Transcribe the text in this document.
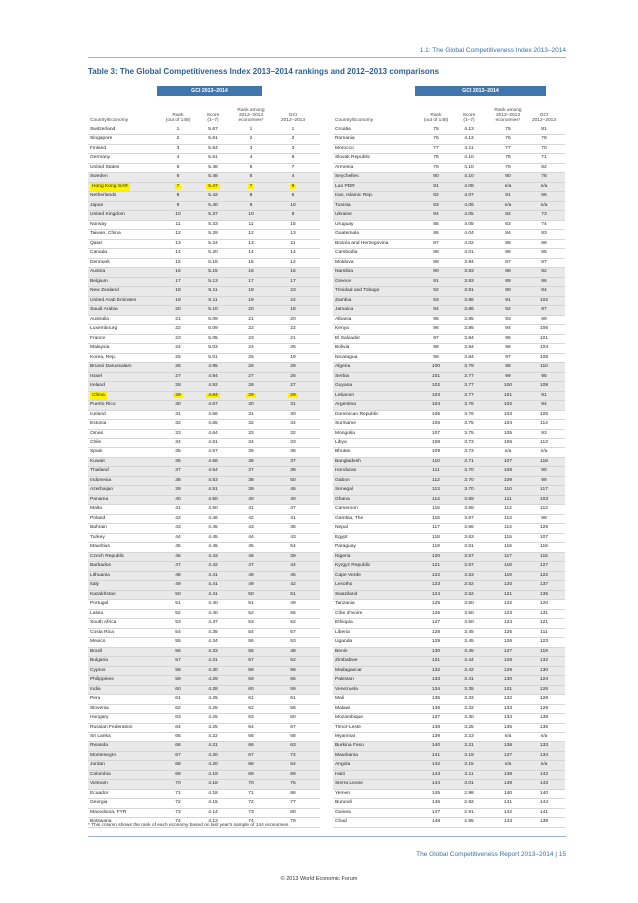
1.1: The Global Competitiveness Index 2013–2014
Table 3: The Global Competitiveness Index 2013–2014 rankings and 2012–2013 comparisons
GCI 2013–2014
Country/Economy
Rank
(out of 148)
Score
(1–7)
Rank among
2012–2013
economies*
GCI
2012–2013
Switzerland	1	5.67	1	1
Singapore	2	5.61	2	2
Finland	3	5.54	3	3
Germany	4	5.51	4	6
United States	5	5.48	5	7
Sweden	6	5.48	6	4
Hong Kong SAR	7	5.47	7	9
Netherlands	8	5.42	8	5
Japan	9	5.40	9	10
United Kingdom	10	5.37	10	8
Norway	11	5.33	11	15
Taiwan, China	12	5.29	12	13
Qatar	13	5.24	13	11
Canada	14	5.20	14	14
Denmark	15	5.18	15	12
Austria	16	5.15	16	16
Belgium	17	5.13	17	17
New Zealand	18	5.11	18	23
United Arab Emirates	19	5.11	19	24
Saudi Arabia	20	5.10	20	18
Australia	21	5.09	21	20
Luxembourg	22	5.09	22	22
France	23	5.05	23	21
Malaysia	24	5.03	24	25
Korea, Rep.	25	5.01	25	19
Brunei Darussalam	26	4.95	26	28
Israel	27	4.94	27	26
Ireland	28	4.92	28	27
China	29	4.84	29	29
Puerto Rico	30	4.67	30	31
Iceland	31	4.66	31	30
Estonia	32	4.65	32	34
Oman	33	4.64	33	32
Chile	34	4.61	34	33
Spain	35	4.57	35	36
Kuwait	36	4.56	36	37
Thailand	37	4.54	37	38
Indonesia	38	4.53	38	50
Azerbaijan	39	4.51	39	46
Panama	40	4.50	40	40
Malta	41	4.50	41	47
Poland	42	4.46	42	41
Bahrain	43	4.45	43	35
Turkey	44	4.45	44	43
Mauritius	45	4.45	45	54
Czech Republic	46	4.43	46	39
Barbados	47	4.42	47	44
Lithuania	48	4.41	48	45
Italy	49	4.41	49	42
Kazakhstan	50	4.41	50	51
Portugal	51	4.40	51	49
Latvia	52	4.40	52	55
South Africa	53	4.37	53	52
Costa Rica	54	4.35	54	57
Mexico	55	4.34	55	53
Brazil	56	4.33	56	48
Bulgaria	57	4.31	57	62
Cyprus	58	4.30	58	58
Philippines	59	4.29	59	65
India	60	4.28	60	59
Peru	61	4.25	61	61
Slovenia	62	4.25	62	56
Hungary	63	4.25	63	60
Russian Federation	64	4.25	64	67
Sri Lanka	65	4.22	65	68
Rwanda	66	4.21	66	63
Montenegro	67	4.20	67	72
Jordan	68	4.20	68	64
Colombia	69	4.19	69	69
Vietnam	70	4.18	70	75
Ecuador	71	4.18	71	86
Georgia	72	4.15	72	77
Macedonia, FYR	73	4.14	73	80
Botswana	74	4.13	74	79
GCI 2013–2014
Country/Economy
Rank
(out of 148)
Score
(1–7)
Rank among
2012–2013
economies*
GCI
2012–2013
Croatia	75	4.13	75	81
Romania	76	4.13	76	78
Morocco	77	4.11	77	70
Slovak Republic	78	4.10	78	71
Armenia	79	4.10	79	82
Seychelles	80	4.10	80	76
Lao PDR	81	4.08	n/a	n/a
Iran, Islamic Rep.	82	4.07	81	66
Tunisia	83	4.06	n/a	n/a
Ukraine	84	4.05	82	73
Uruguay	85	4.05	83	74
Guatemala	86	4.04	84	83
Bosnia and Herzegovina	87	4.02	85	88
Cambodia	88	4.01	86	85
Moldova	89	3.94	87	87
Namibia	90	3.93	88	92
Greece	91	3.93	89	96
Trinidad and Tobago	92	3.91	90	84
Zambia	93	3.86	91	102
Jamaica	94	3.86	92	97
Albania	95	3.85	93	89
Kenya	96	3.85	94	106
El Salvador	97	3.84	95	101
Bolivia	98	3.84	96	104
Nicaragua	99	3.84	97	108
Algeria	100	3.79	98	110
Serbia	101	3.77	99	95
Guyana	102	3.77	100	109
Lebanon	103	3.77	101	91
Argentina	104	3.76	102	94
Dominican Republic	105	3.76	103	105
Suriname	106	3.75	104	114
Mongolia	107	3.75	105	93
Libya	108	3.73	106	113
Bhutan	109	3.73	n/a	n/a
Bangladesh	110	3.71	107	118
Honduras	111	3.70	108	90
Gabon	112	3.70	109	99
Senegal	113	3.70	110	117
Ghana	114	3.69	111	103
Cameroon	115	3.68	112	112
Gambia, The	116	3.67	113	98
Nepal	117	3.66	114	125
Egypt	118	3.63	115	107
Paraguay	119	3.61	116	116
Nigeria	120	3.57	117	115
Kyrgyz Republic	121	3.57	118	127
Cape Verde	122	3.53	119	122
Lesotho	123	3.52	120	137
Swaziland	124	3.52	121	135
Tanzania	125	3.50	122	120
Côte d'Ivoire	126	3.50	123	131
Ethiopia	127	3.50	124	121
Liberia	128	3.45	125	111
Uganda	129	3.45	126	123
Benin	130	3.45	127	119
Zimbabwe	131	3.44	128	132
Madagascar	132	3.42	129	130
Pakistan	133	3.41	130	124
Venezuela	134	3.35	131	126
Mali	135	3.33	132	128
Malawi	136	3.32	133	129
Mozambique	137	3.30	134	138
Timor-Leste	138	3.25	135	136
Myanmar	139	3.23	n/a	n/a
Burkina Faso	140	3.21	136	133
Mauritania	141	3.19	137	134
Angola	142	3.15	n/a	n/a
Haiti	143	3.11	138	142
Sierra Leone	144	3.01	139	143
Yemen	145	2.98	140	140
Burundi	146	2.92	141	144
Guinea	147	2.91	142	141
Chad	148	2.85	143	139
* This column shows the rank of each economy based on last year's sample of 144 economies.
The Global Competitiveness Report 2013–2014 | 15
© 2013 World Economic Forum
